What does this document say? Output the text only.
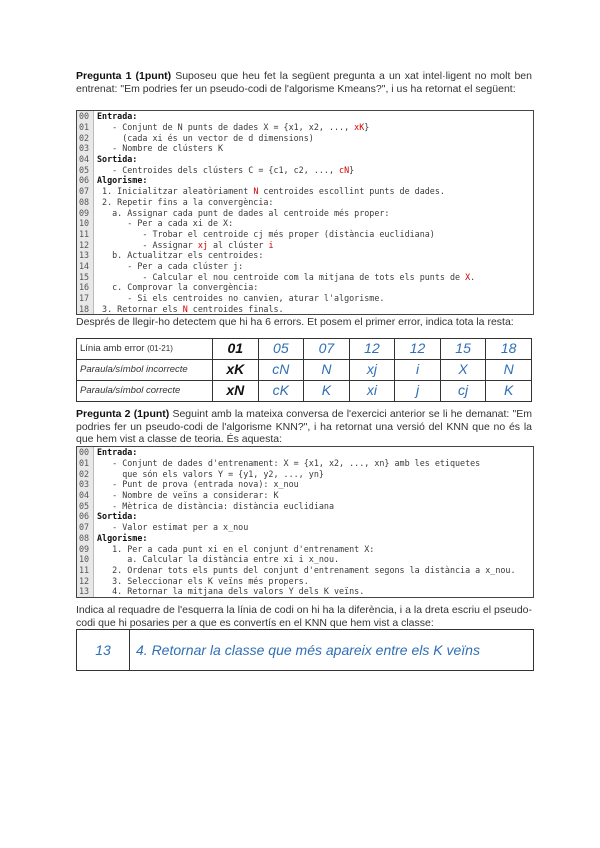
Pregunta 1 (1punt) Suposeu que heu fet la següent pregunta a un xat intel·ligent no molt ben entrenat: "Em podries fer un pseudo-codi de l'algorisme Kmeans?", i us ha retornat el següent:
00 Entrada:
01 - Conjunt de N punts de dades X = {x1, x2, ..., xK}
02 (cada xi és un vector de d dimensions)
03 - Nombre de clústers K
04 Sortida:
05 - Centroides dels clústers C = {c1, c2, ..., cN}
06 Algorisme:
07 1. Inicialitzar aleatòriament N centroides escollint punts de dades.
08 2. Repetir fins a la convergència:
09 a. Assignar cada punt de dades al centroide més proper:
10 - Per a cada xi de X:
11 - Trobar el centroide cj més proper (distància euclidiana)
12 - Assignar xj al clúster i
13 b. Actualitzar els centroides:
14 - Per a cada clúster j:
15 - Calcular el nou centroide com la mitjana de tots els punts de X.
16 c. Comprovar la convergència:
17 - Si els centroides no canvien, aturar l'algorisme.
18 3. Retornar els N centroides finals.
Després de llegir-ho detectem que hi ha 6 errors. Et posem el primer error, indica tota la resta:
Línia amb error (01-21)	01	05	07	12	12	15	18
Paraula/símbol incorrecte	xK	cN	N	xj	i	X	N
Paraula/símbol correcte	xN	cK	K	xi	j	cj	K
Pregunta 2 (1punt) Seguint amb la mateixa conversa de l'exercici anterior se li he demanat: "Em podries fer un pseudo-codi de l'algorisme KNN?", i ha retornat una versió del KNN que no és la que hem vist a classe de teoria. És aquesta:
00 Entrada:
01 - Conjunt de dades d'entrenament: X = {x1, x2, ..., xn} amb les etiquetes
02 que són els valors Y = {y1, y2, ..., yn}
03 - Punt de prova (entrada nova): x_nou
04 - Nombre de veïns a considerar: K
05 - Mètrica de distància: distància euclidiana
06 Sortida:
07 - Valor estimat per a x_nou
08 Algorisme:
09 1. Per a cada punt xi en el conjunt d'entrenament X:
10 a. Calcular la distància entre xi i x_nou.
11 2. Ordenar tots els punts del conjunt d'entrenament segons la distància a x_nou.
12 3. Seleccionar els K veïns més propers.
13 4. Retornar la mitjana dels valors Y dels K veïns.
Indica al requadre de l'esquerra la línia de codi on hi ha la diferència, i a la dreta escriu el pseudo-codi que hi posaries per a que es convertís en el KNN que hem vist a classe:
13 4. Retornar la classe que més apareix entre els K veïns
